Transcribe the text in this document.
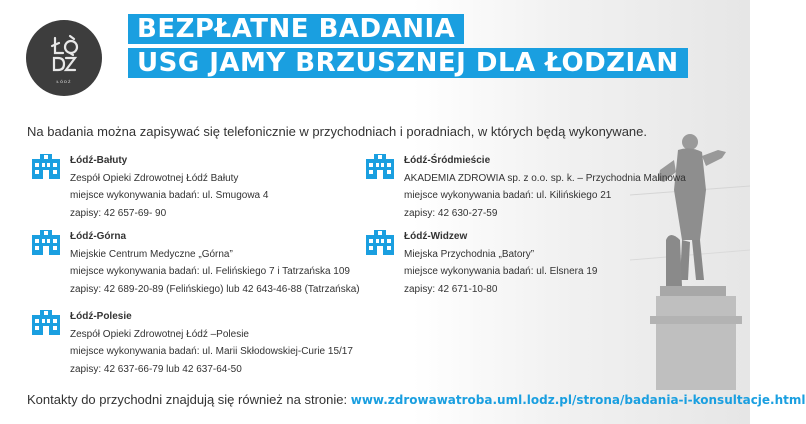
ŁÓDŹ
BEZPŁATNE BADANIA
USG JAMY BRZUSZNEJ DLA ŁODZIAN
Na badania można zapisywać się telefonicznie w przychodniach i poradniach, w których będą wykonywane.
Łódź-Bałuty
Zespół Opieki Zdrowotnej Łódź Bałuty
miejsce wykonywania badań: ul. Smugowa 4
zapisy: 42 657-69- 90
Łódź-Górna
Miejskie Centrum Medyczne „Górna”
miejsce wykonywania badań: ul. Felińskiego 7 i Tatrzańska 109
zapisy: 42 689-20-89 (Felińskiego) lub 42 643-46-88 (Tatrzańska)
Łódź-Polesie
Zespół Opieki Zdrowotnej Łódź –Polesie
miejsce wykonywania badań: ul. Marii Skłodowskiej-Curie 15/17
zapisy: 42 637-66-79 lub 42 637-64-50
Łódź-Śródmieście
AKADEMIA ZDROWIA sp. z o.o. sp. k. – Przychodnia Malinowa
miejsce wykonywania badań: ul. Kilińskiego 21
zapisy: 42 630-27-59
Łódź-Widzew
Miejska Przychodnia „Batory”
miejsce wykonywania badań: ul. Elsnera 19
zapisy: 42 671-10-80
Kontakty do przychodni znajdują się również na stronie: www.zdrowawatroba.uml.lodz.pl/strona/badania-i-konsultacje.html
